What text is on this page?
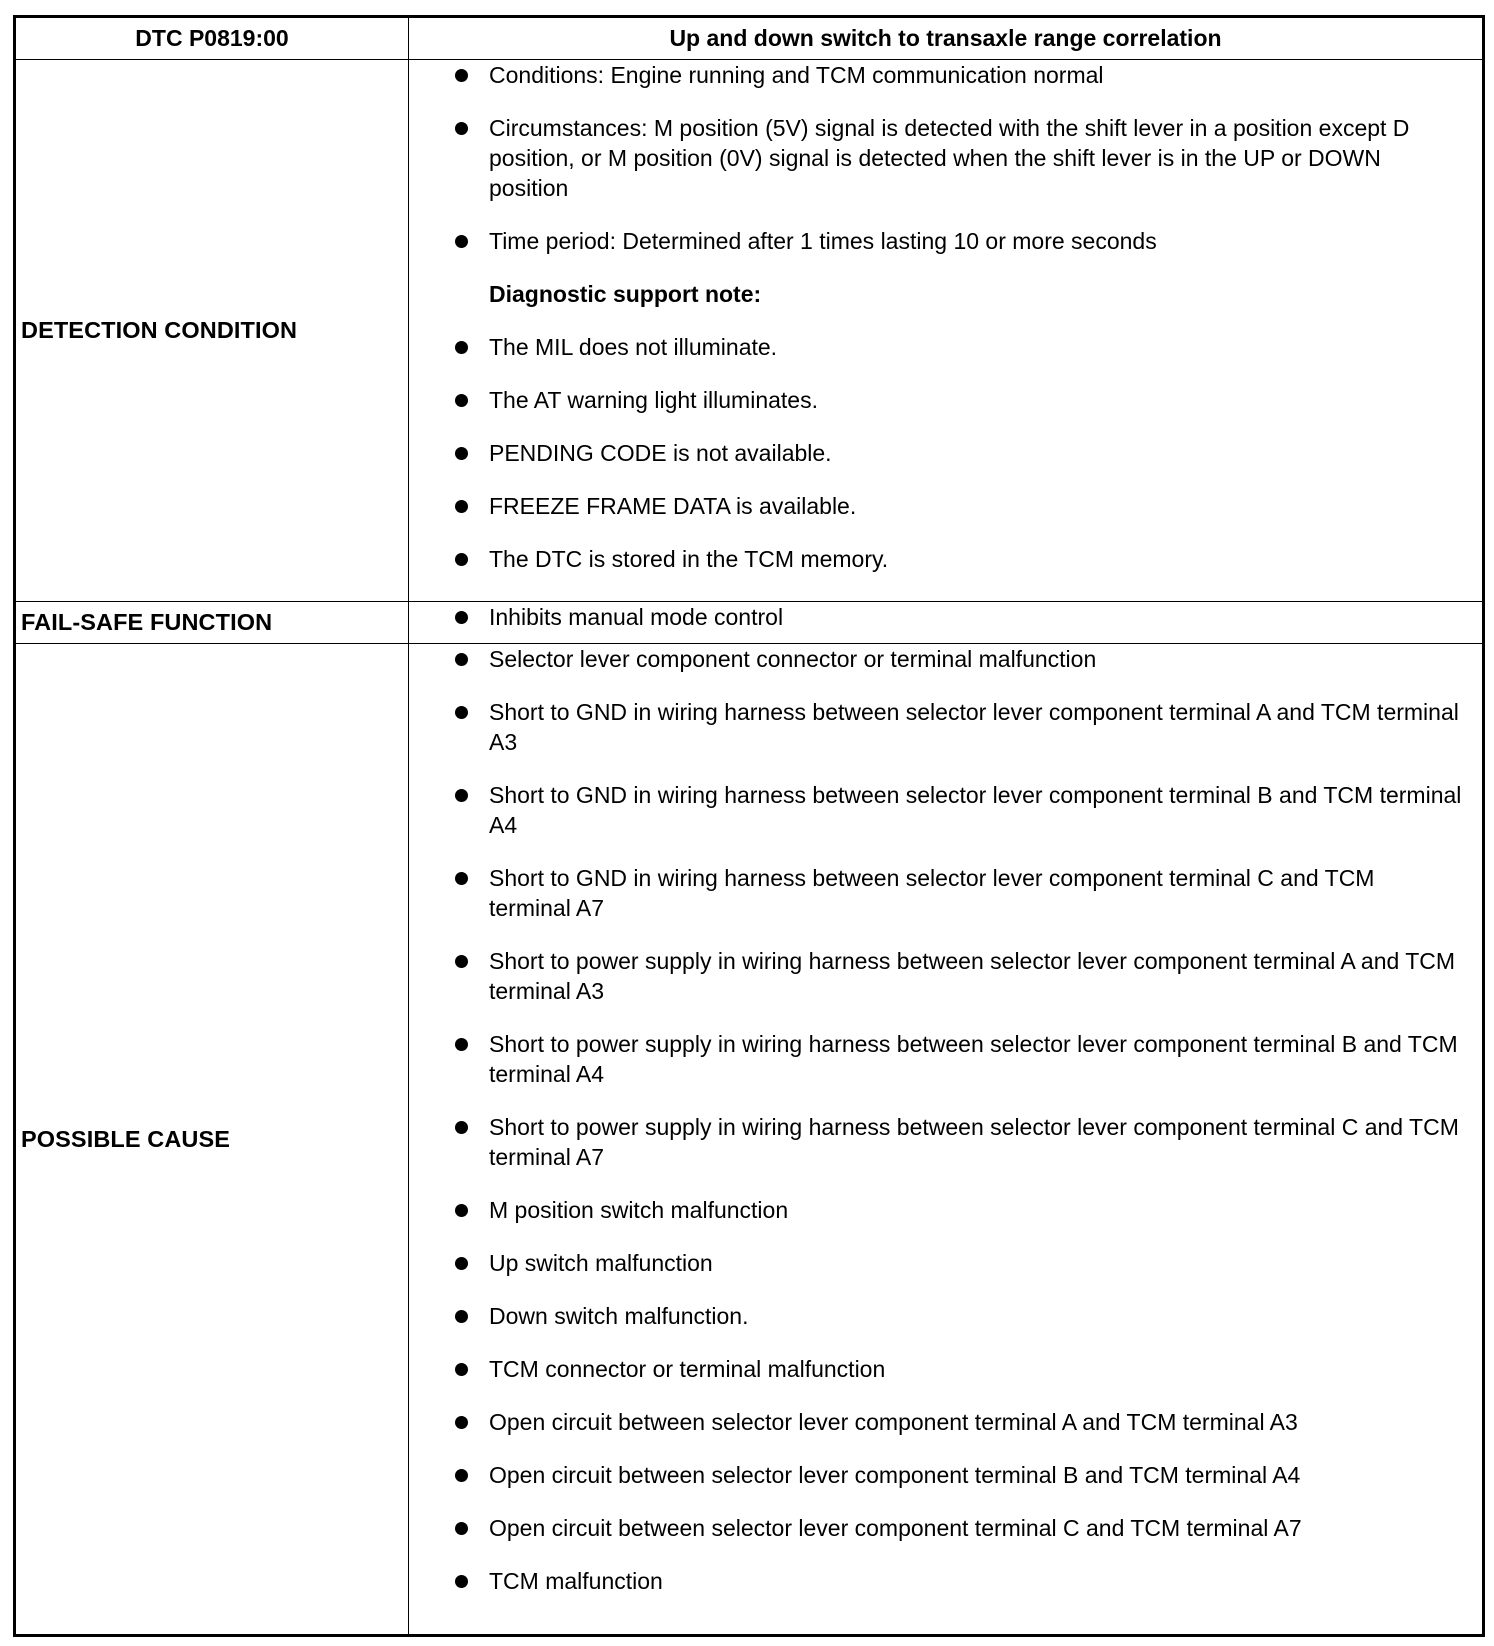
DTC P0819:00	Up and down switch to transaxle range correlation
DETECTION CONDITION
Conditions: Engine running and TCM communication normal
Circumstances: M position (5V) signal is detected with the shift lever in a position except D position, or M position (0V) signal is detected when the shift lever is in the UP or DOWN position
Time period: Determined after 1 times lasting 10 or more seconds
Diagnostic support note:
The MIL does not illuminate.
The AT warning light illuminates.
PENDING CODE is not available.
FREEZE FRAME DATA is available.
The DTC is stored in the TCM memory.
FAIL-SAFE FUNCTION	Inhibits manual mode control
POSSIBLE CAUSE
Selector lever component connector or terminal malfunction
Short to GND in wiring harness between selector lever component terminal A and TCM terminal A3
Short to GND in wiring harness between selector lever component terminal B and TCM terminal A4
Short to GND in wiring harness between selector lever component terminal C and TCM terminal A7
Short to power supply in wiring harness between selector lever component terminal A and TCM terminal A3
Short to power supply in wiring harness between selector lever component terminal B and TCM terminal A4
Short to power supply in wiring harness between selector lever component terminal C and TCM terminal A7
M position switch malfunction
Up switch malfunction
Down switch malfunction.
TCM connector or terminal malfunction
Open circuit between selector lever component terminal A and TCM terminal A3
Open circuit between selector lever component terminal B and TCM terminal A4
Open circuit between selector lever component terminal C and TCM terminal A7
TCM malfunction
